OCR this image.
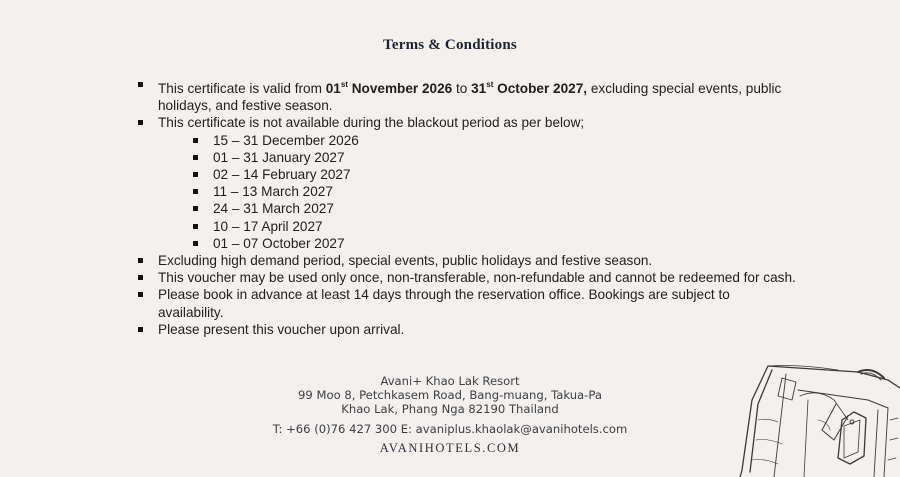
Terms & Conditions
This certificate is valid from 01st November 2026 to 31st October 2027, excluding special events, public holidays, and festive season.
This certificate is not available during the blackout period as per below;
15 – 31 December 2026
01 – 31 January 2027
02 – 14 February 2027
11 – 13 March 2027
24 – 31 March 2027
10 – 17 April 2027
01 – 07 October 2027
Excluding high demand period, special events, public holidays and festive season.
This voucher may be used only once, non-transferable, non-refundable and cannot be redeemed for cash.
Please book in advance at least 14 days through the reservation office. Bookings are subject to availability.
Please present this voucher upon arrival.
Avani+ Khao Lak Resort
99 Moo 8, Petchkasem Road, Bang-muang, Takua-Pa
Khao Lak, Phang Nga 82190 Thailand
T: +66 (0)76 427 300 E: avaniplus.khaolak@avanihotels.com
AVANIHOTELS.COM
